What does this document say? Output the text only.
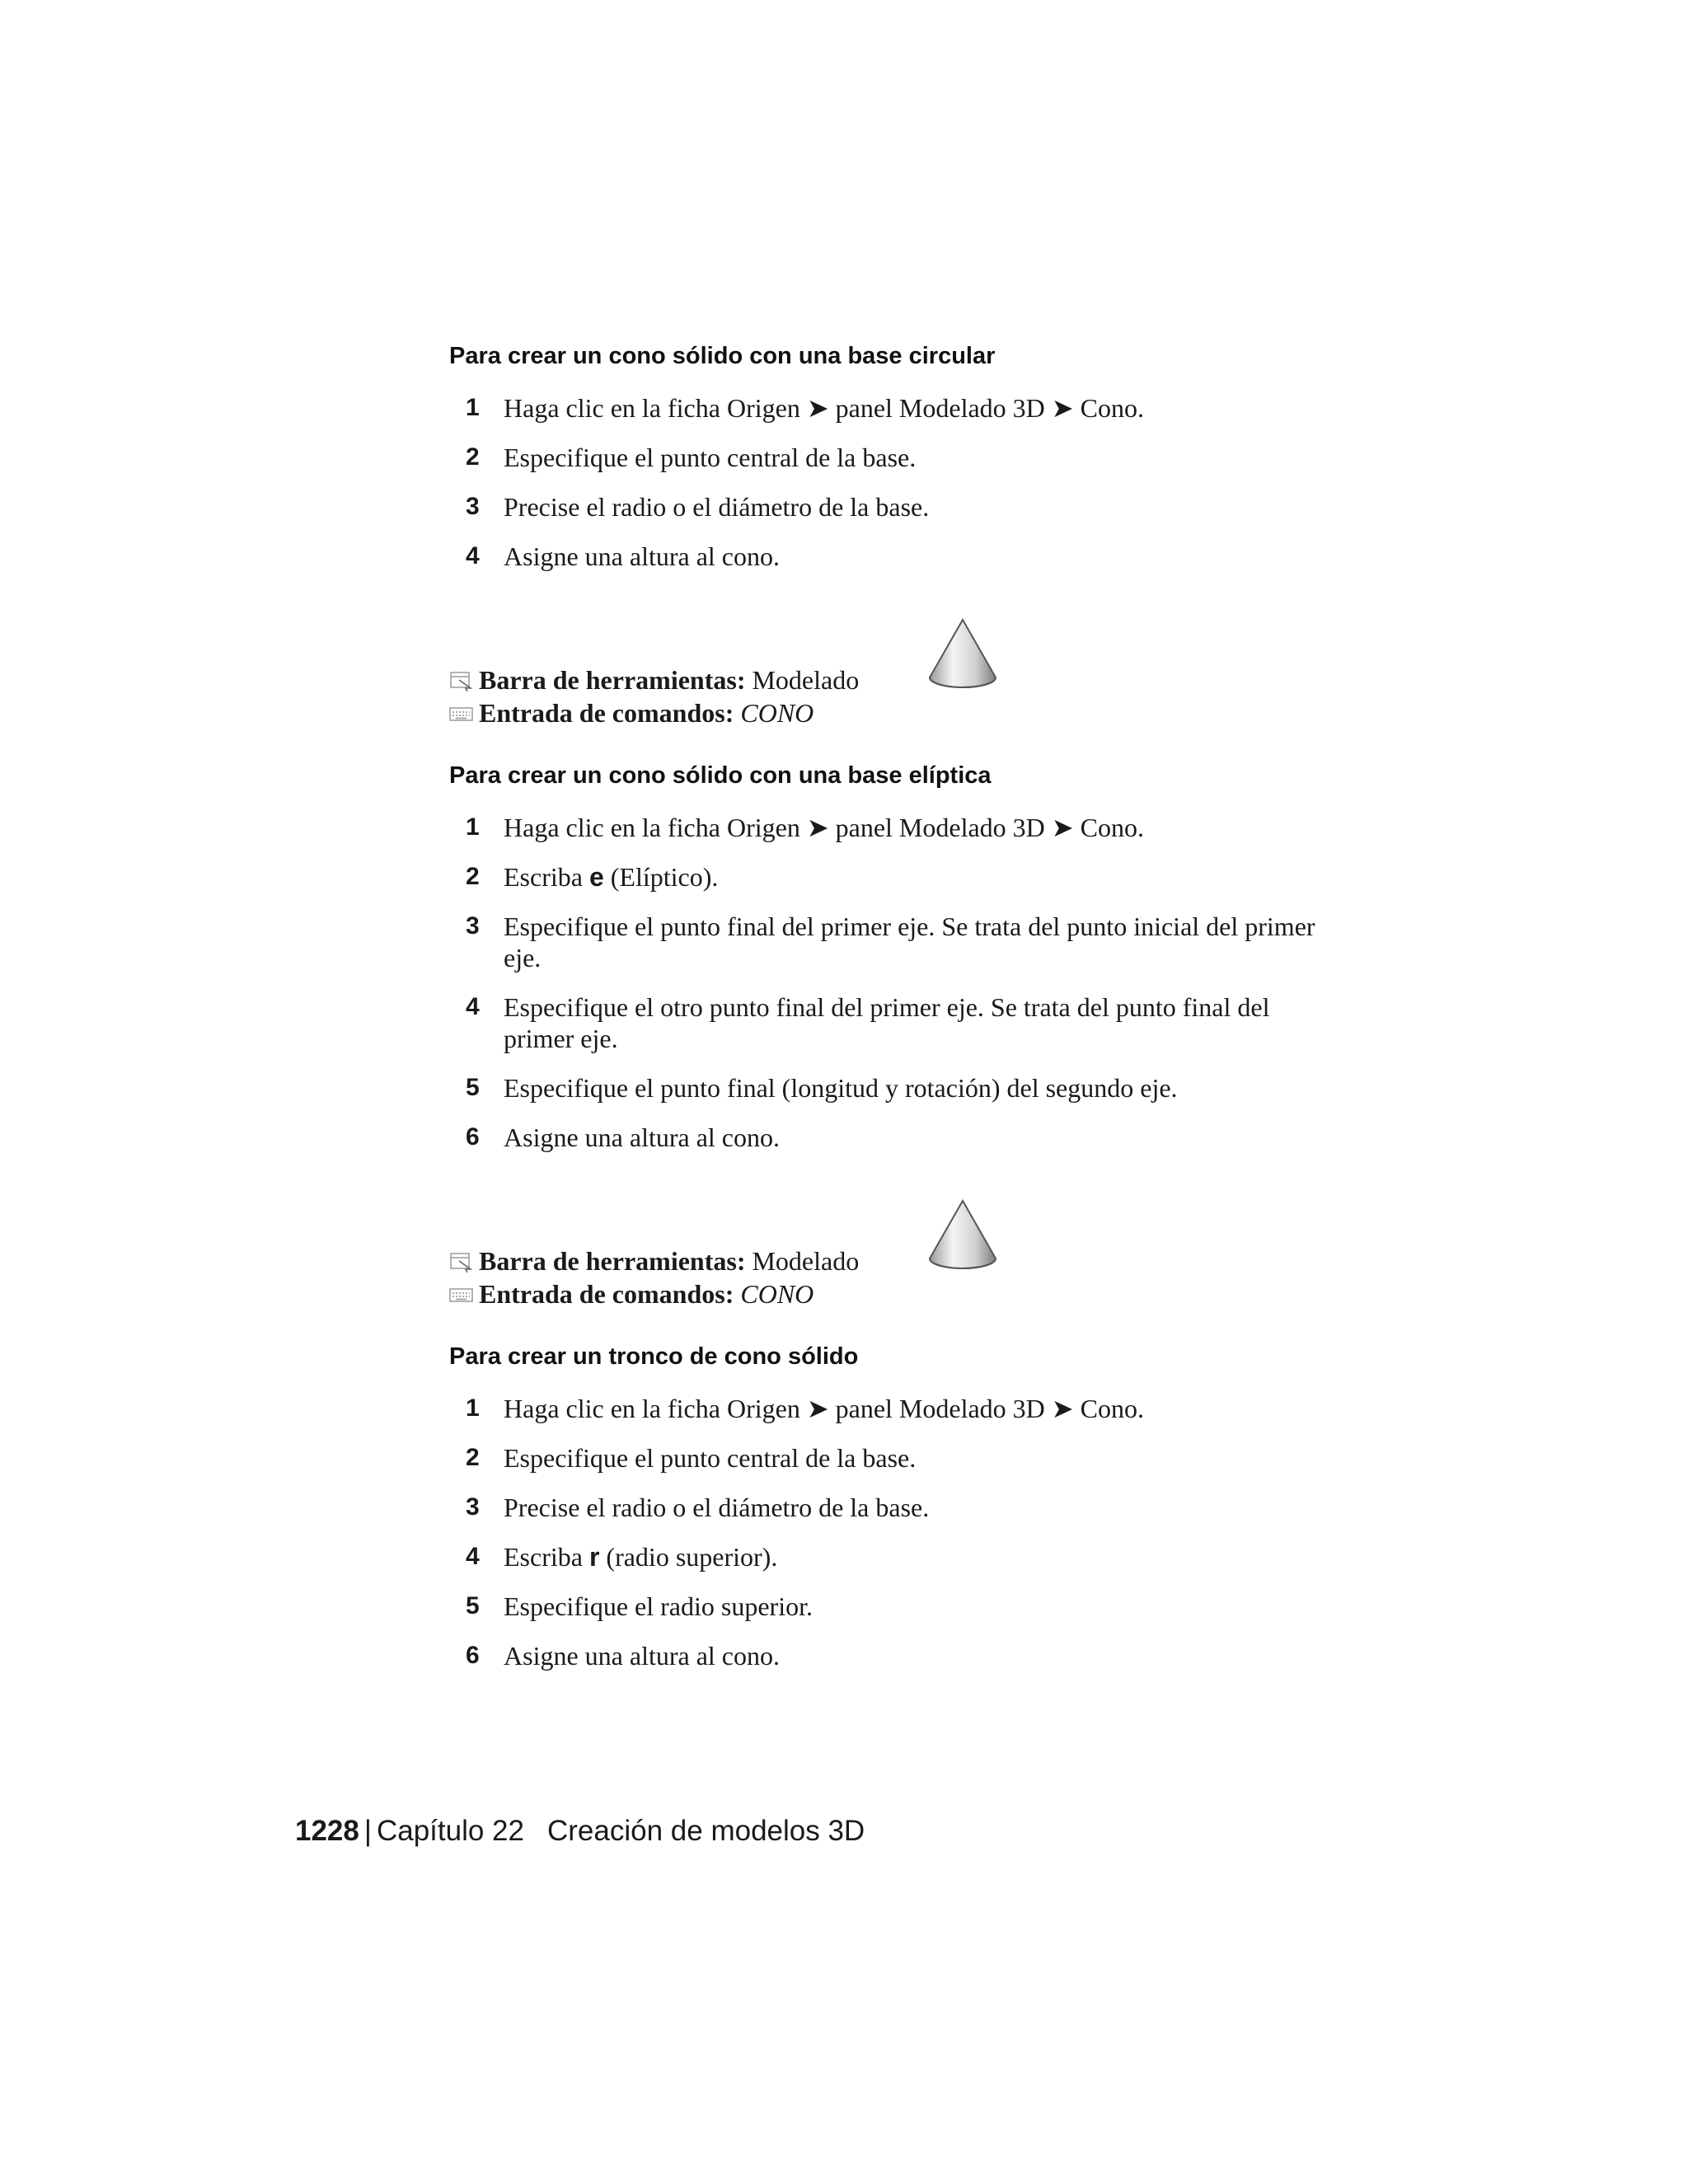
Para crear un cono sólido con una base circular
1 Haga clic en la ficha Origen ➤ panel Modelado 3D ➤ Cono.
2 Especifique el punto central de la base.
3 Precise el radio o el diámetro de la base.
4 Asigne una altura al cono.
Barra de herramientas: Modelado
Entrada de comandos: CONO
Para crear un cono sólido con una base elíptica
1 Haga clic en la ficha Origen ➤ panel Modelado 3D ➤ Cono.
2 Escriba e (Elíptico).
3 Especifique el punto final del primer eje. Se trata del punto inicial del primer eje.
4 Especifique el otro punto final del primer eje. Se trata del punto final del primer eje.
5 Especifique el punto final (longitud y rotación) del segundo eje.
6 Asigne una altura al cono.
Barra de herramientas: Modelado
Entrada de comandos: CONO
Para crear un tronco de cono sólido
1 Haga clic en la ficha Origen ➤ panel Modelado 3D ➤ Cono.
2 Especifique el punto central de la base.
3 Precise el radio o el diámetro de la base.
4 Escriba r (radio superior).
5 Especifique el radio superior.
6 Asigne una altura al cono.
1228 | Capítulo 22 Creación de modelos 3D
